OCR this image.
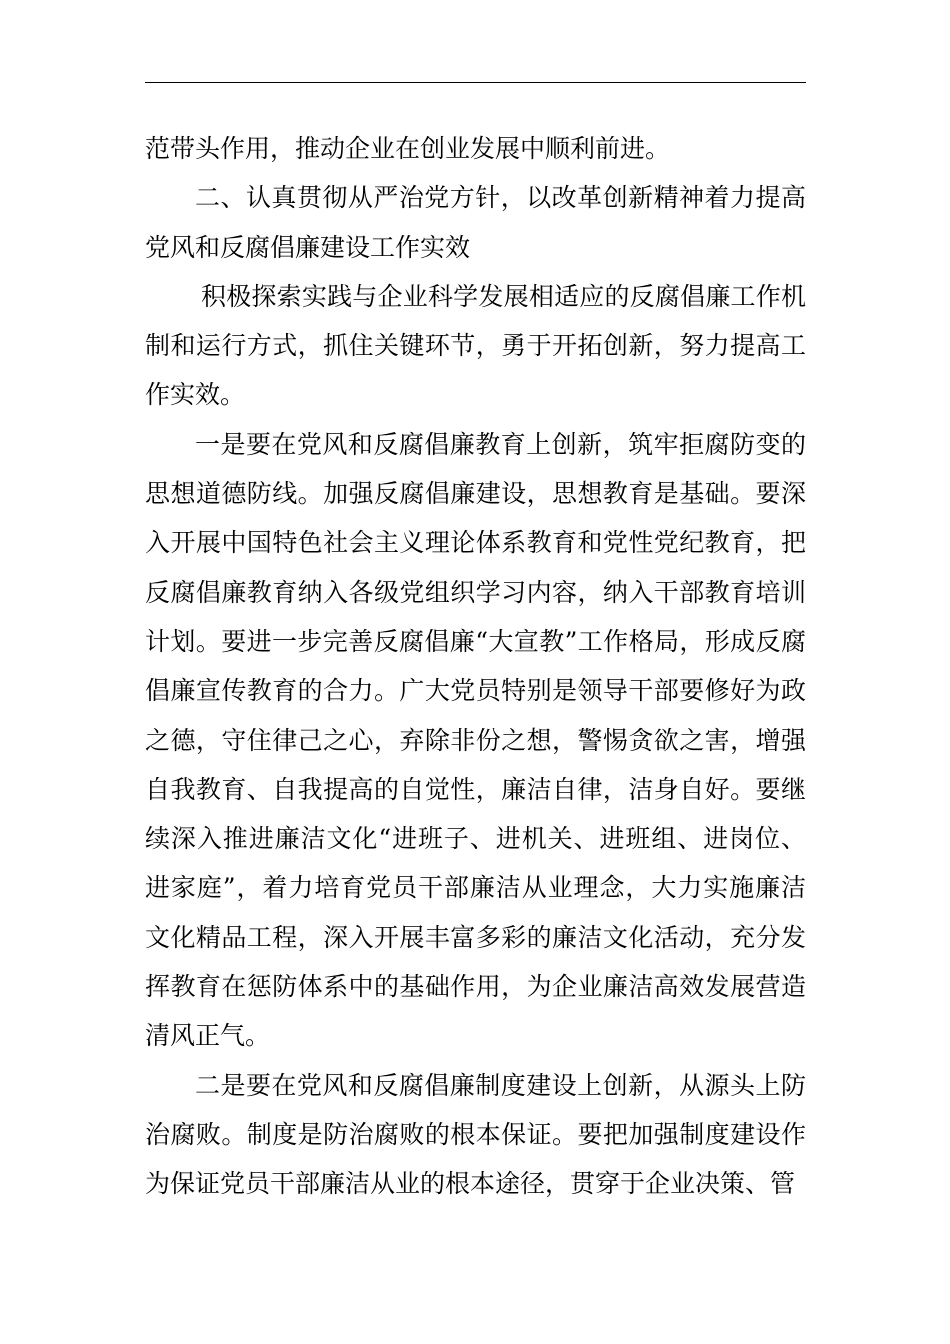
范带头作用，推动企业在创业发展中顺利前进。

二、认真贯彻从严治党方针，以改革创新精神着力提高党风和反腐倡廉建设工作实效

积极探索实践与企业科学发展相适应的反腐倡廉工作机制和运行方式，抓住关键环节，勇于开拓创新，努力提高工作实效。

一是要在党风和反腐倡廉教育上创新，筑牢拒腐防变的思想道德防线。加强反腐倡廉建设，思想教育是基础。要深入开展中国特色社会主义理论体系教育和党性党纪教育，把反腐倡廉教育纳入各级党组织学习内容，纳入干部教育培训计划。要进一步完善反腐倡廉“大宣教”工作格局，形成反腐倡廉宣传教育的合力。广大党员特别是领导干部要修好为政之德，守住律己之心，弃除非份之想，警惕贪欲之害，增强自我教育、自我提高的自觉性，廉洁自律，洁身自好。要继续深入推进廉洁文化“进班子、进机关、进班组、进岗位、进家庭”，着力培育党员干部廉洁从业理念，大力实施廉洁文化精品工程，深入开展丰富多彩的廉洁文化活动，充分发挥教育在惩防体系中的基础作用，为企业廉洁高效发展营造清风正气。

二是要在党风和反腐倡廉制度建设上创新，从源头上防治腐败。制度是防治腐败的根本保证。要把加强制度建设作为保证党员干部廉洁从业的根本途径，贯穿于企业决策、管
